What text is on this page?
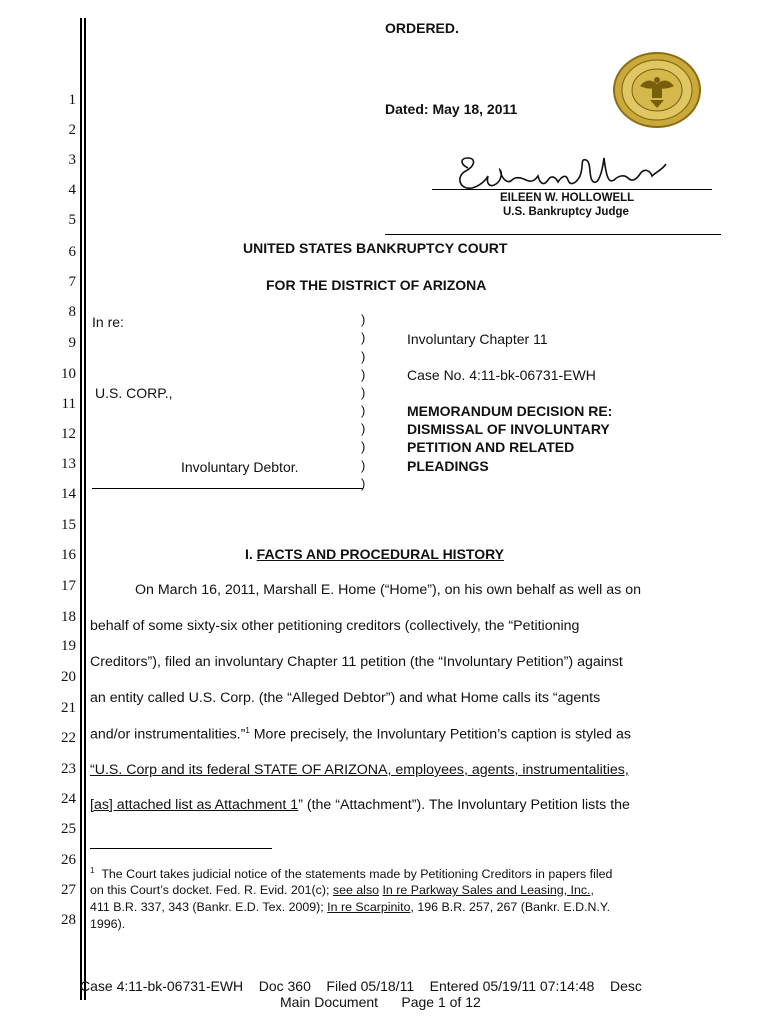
1
2
3
4
5
6
7
8
9
10
11
12
13
14
15
16
17
18
19
20
21
22
23
24
25
26
27
28
ORDERED.
Dated: May 18, 2011
EILEEN W. HOLLOWELL
U.S. Bankruptcy Judge
UNITED STATES BANKRUPTCY COURT
FOR THE DISTRICT OF ARIZONA
In re:
U.S. CORP.,
Involuntary Debtor.
)
)
)
)
)
)
)
)
)
)
Involuntary Chapter 11
Case No. 4:11-bk-06731-EWH
MEMORANDUM DECISION RE:
DISMISSAL OF INVOLUNTARY
PETITION AND RELATED
PLEADINGS
I. FACTS AND PROCEDURAL HISTORY
On March 16, 2011, Marshall E. Home (“Home”), on his own behalf as well as on
behalf of some sixty-six other petitioning creditors (collectively, the “Petitioning
Creditors”), filed an involuntary Chapter 11 petition (the “Involuntary Petition”) against
an entity called U.S. Corp. (the “Alleged Debtor”) and what Home calls its “agents
and/or instrumentalities.”$^1$ More precisely, the Involuntary Petition’s caption is styled as
“U.S. Corp and its federal STATE OF ARIZONA, employees, agents, instrumentalities,
[as] attached list as Attachment 1” (the “Attachment”). The Involuntary Petition lists the
$^1$ The Court takes judicial notice of the statements made by Petitioning Creditors in papers filed
on this Court’s docket. Fed. R. Evid. 201(c); see also In re Parkway Sales and Leasing, Inc.,
411 B.R. 337, 343 (Bankr. E.D. Tex. 2009); In re Scarpinito, 196 B.R. 257, 267 (Bankr. E.D.N.Y.
1996).
Case 4:11-bk-06731-EWH    Doc 360    Filed 05/18/11    Entered 05/19/11 07:14:48    Desc
Main Document      Page 1 of 12
